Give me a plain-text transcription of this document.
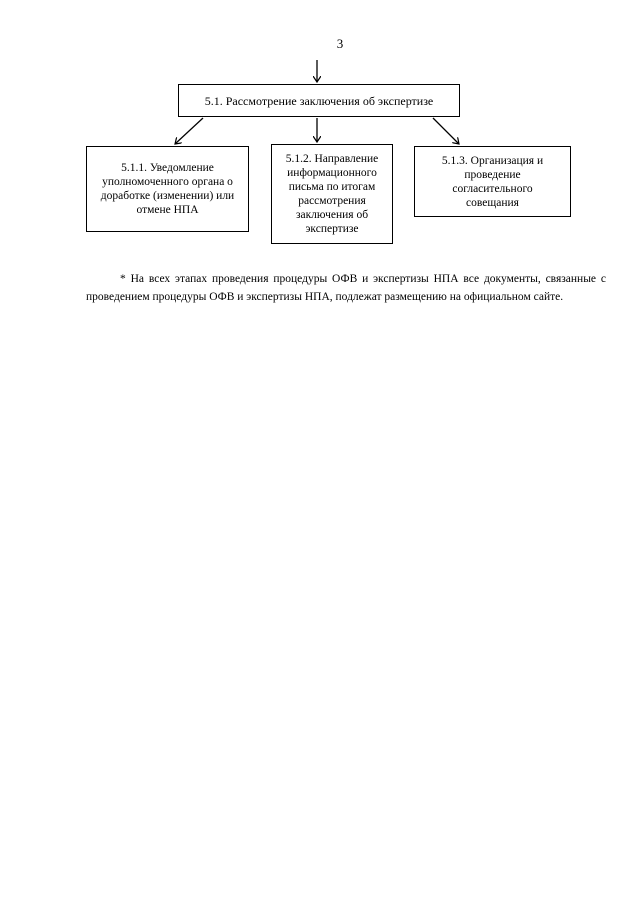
3
5.1. Рассмотрение заключения об экспертизе
5.1.1. Уведомление уполномоченного органа о доработке (изменении) или отмене НПА
5.1.2. Направление информационного письма по итогам рассмотрения заключения об экспертизе
5.1.3. Организация и проведение согласительного совещания
* На всех этапах проведения процедуры ОФВ и экспертизы НПА все документы, связанные с проведением процедуры ОФВ и экспертизы НПА, подлежат размещению на официальном сайте.
